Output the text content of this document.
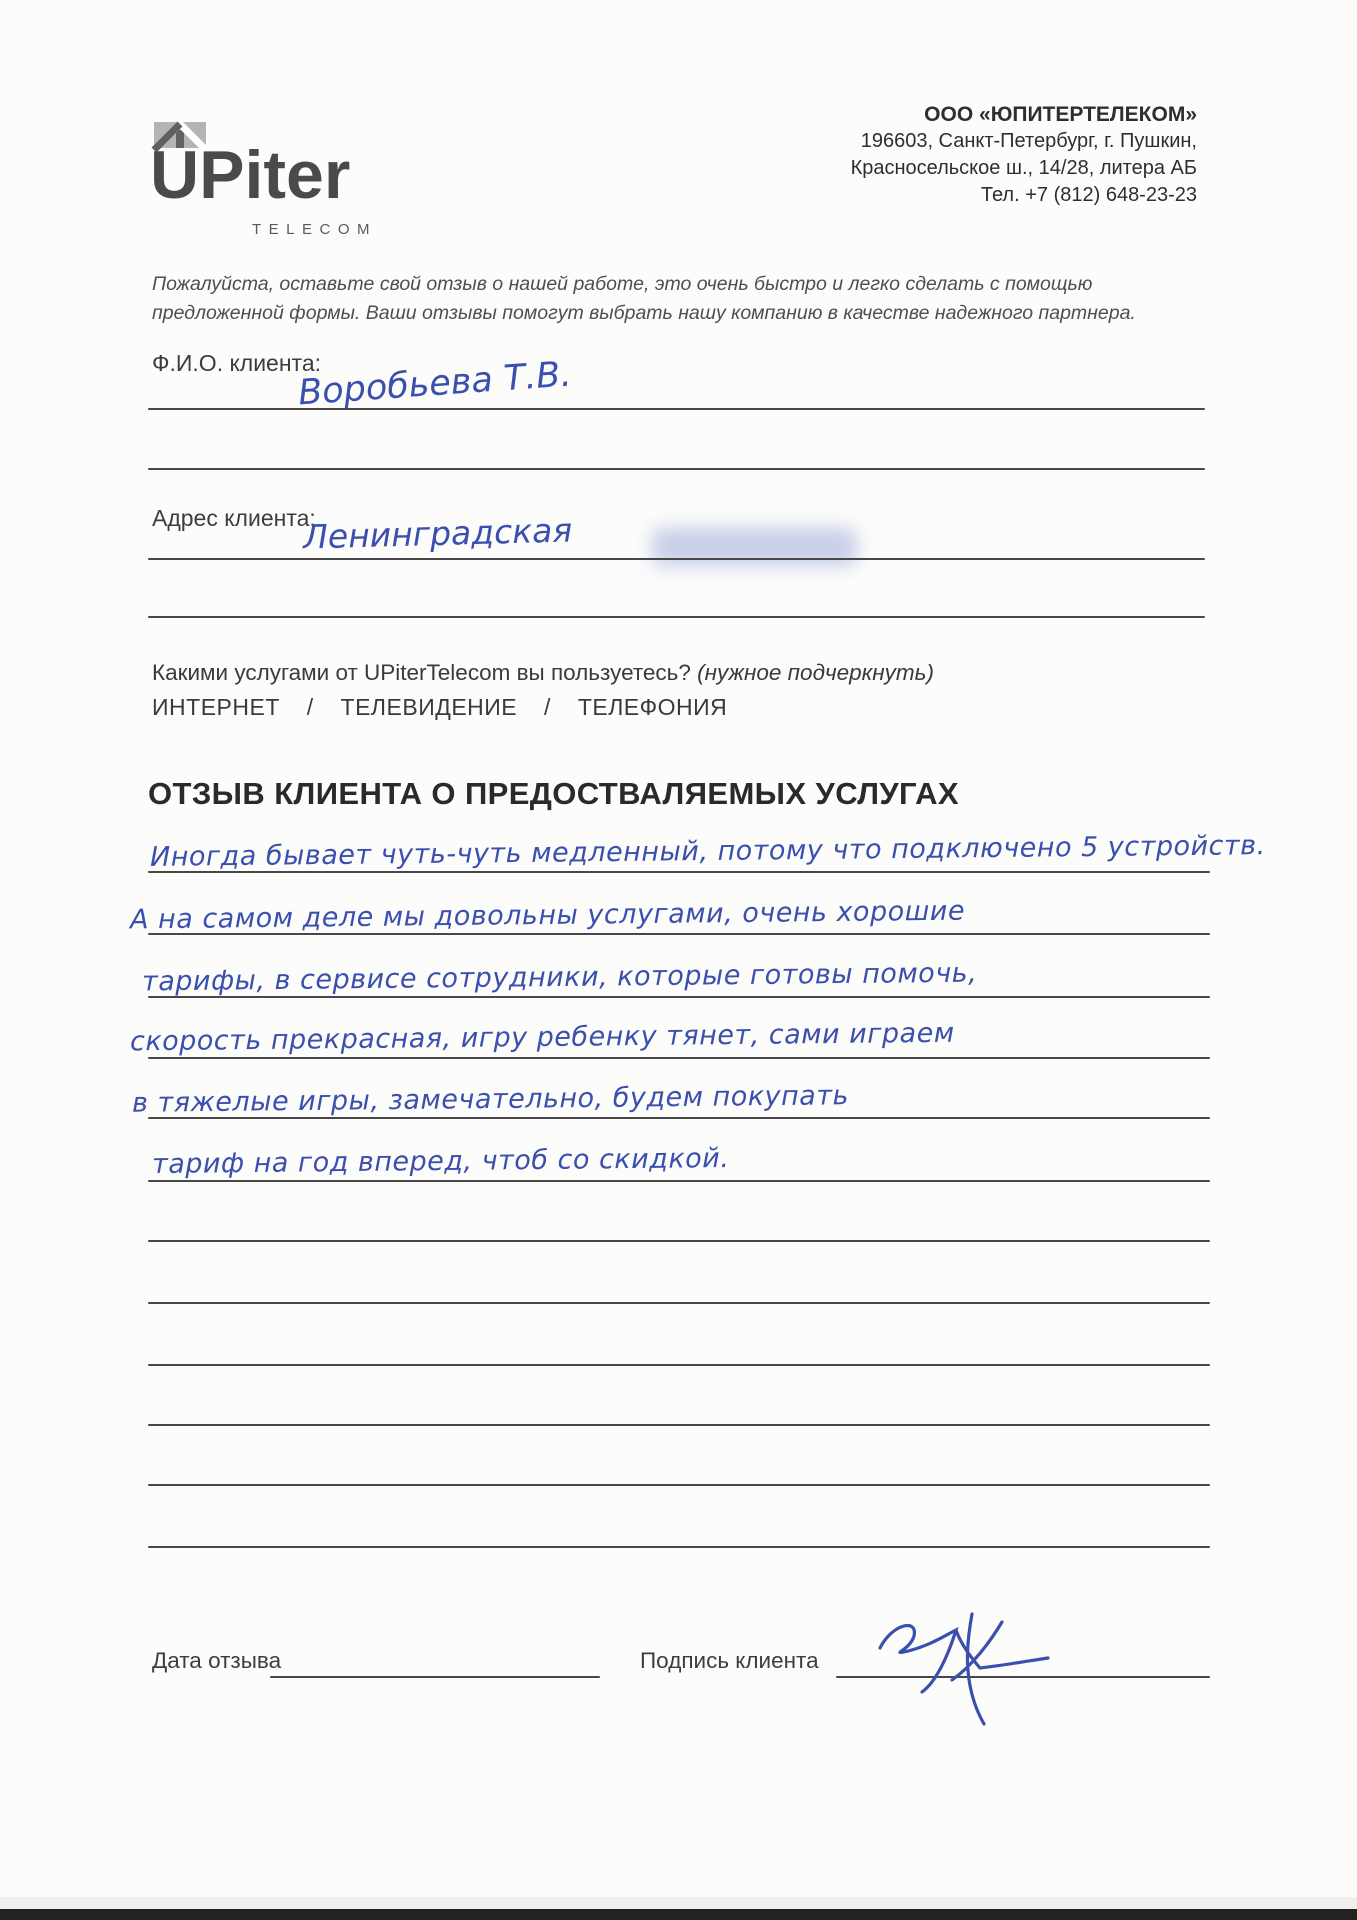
UPiter
TELECOM
ООО «ЮПИТЕРТЕЛЕКОМ»
196603, Санкт-Петербург, г. Пушкин,
Красносельское ш., 14/28, литера АБ
Тел. +7 (812) 648-23-23
Пожалуйста, оставьте свой отзыв о нашей работе, это очень быстро и легко сделать с помощью
предложенной формы. Ваши отзывы помогут выбрать нашу компанию в качестве надежного партнера.
Ф.И.О. клиента:
Воробьева Т.В.
Адрес клиента:
Ленинградская
Какими услугами от UPiterTelecom вы пользуетесь? (нужное подчеркнуть)
ИНТЕРНЕТ / ТЕЛЕВИДЕНИЕ / ТЕЛЕФОНИЯ
ОТЗЫВ КЛИЕНТА О ПРЕДОСТВАЛЯЕМЫХ УСЛУГАХ
Иногда бывает чуть-чуть медленный, потому что подключено 5 устройств.
А на самом деле мы довольны услугами, очень хорошие
тарифы, в сервисе сотрудники, которые готовы помочь,
скорость прекрасная, игру ребенку тянет, сами играем
в тяжелые игры, замечательно, будем покупать
тариф на год вперед, чтоб со скидкой.
Дата отзыва	Подпись клиента
